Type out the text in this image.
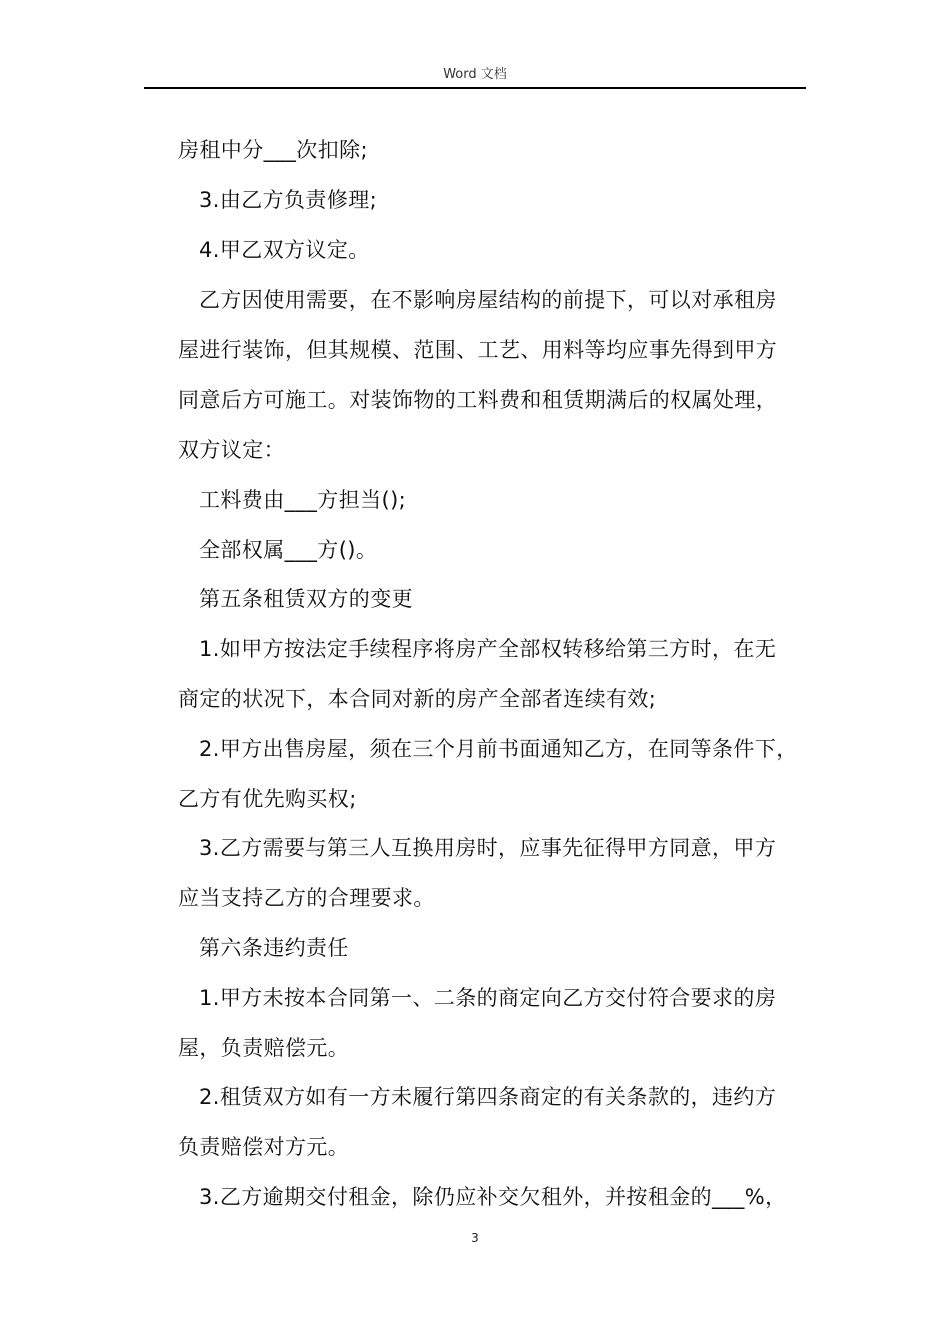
Word 文档
房租中分___次扣除;
3.由乙方负责修理;
4.甲乙双方议定。
乙方因使用需要，在不影响房屋结构的前提下，可以对承租房
屋进行装饰，但其规模、范围、工艺、用料等均应事先得到甲方
同意后方可施工。对装饰物的工料费和租赁期满后的权属处理，
双方议定：
工料费由___方担当();
全部权属___方()。
第五条租赁双方的变更
1.如甲方按法定手续程序将房产全部权转移给第三方时，在无
商定的状况下，本合同对新的房产全部者连续有效;
2.甲方出售房屋，须在三个月前书面通知乙方，在同等条件下，
乙方有优先购买权;
3.乙方需要与第三人互换用房时，应事先征得甲方同意，甲方
应当支持乙方的合理要求。
第六条违约责任
1.甲方未按本合同第一、二条的商定向乙方交付符合要求的房
屋，负责赔偿元。
2.租赁双方如有一方未履行第四条商定的有关条款的，违约方
负责赔偿对方元。
3.乙方逾期交付租金，除仍应补交欠租外，并按租金的___%，
3
